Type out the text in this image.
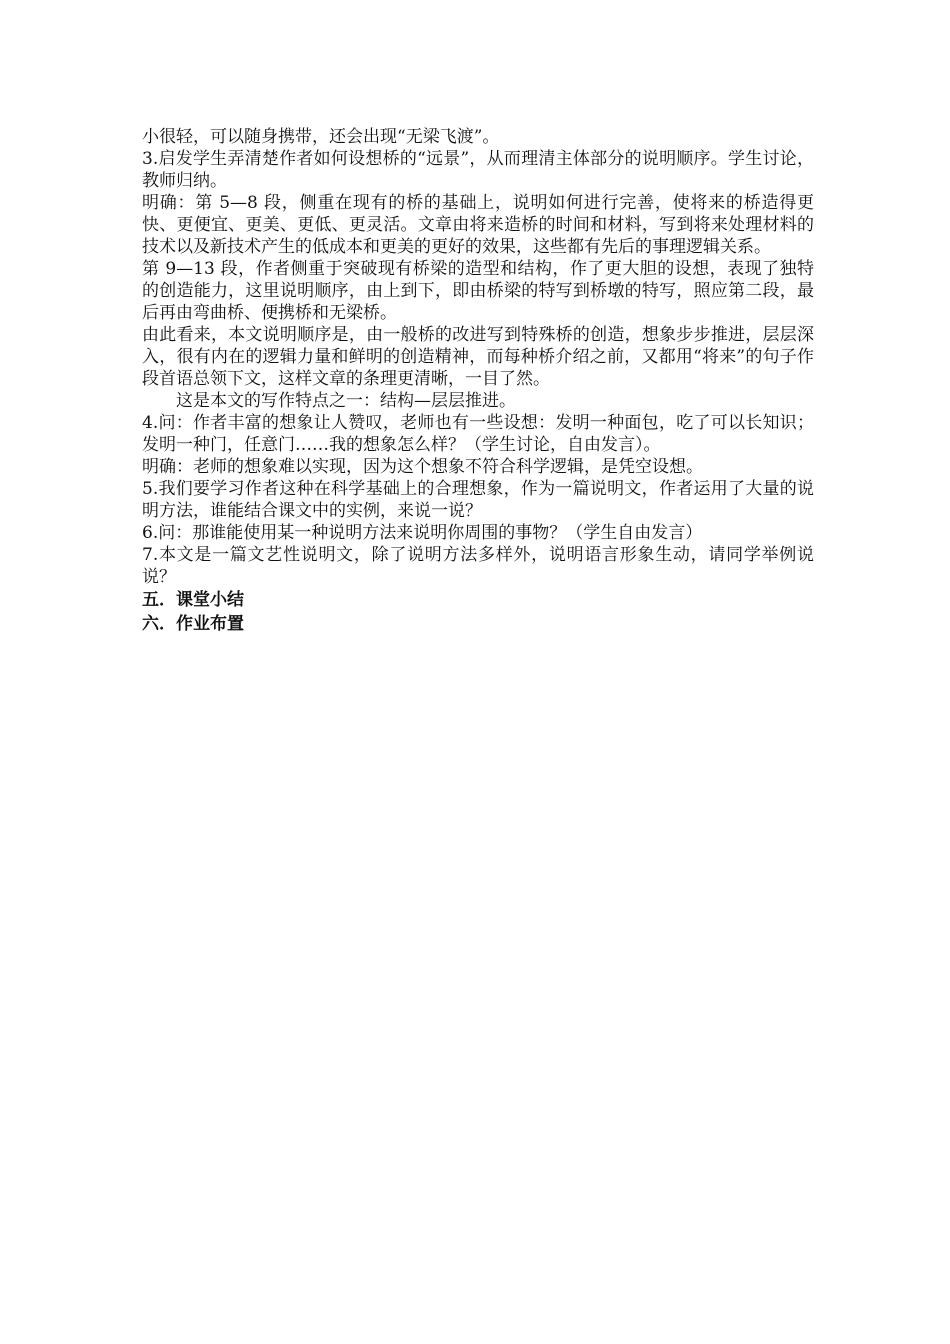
小很轻，可以随身携带，还会出现“无梁飞渡”。

3.启发学生弄清楚作者如何设想桥的“远景”，从而理清主体部分的说明顺序。学生讨论，教师归纳。

明确：第 5—8 段，侧重在现有的桥的基础上，说明如何进行完善，使将来的桥造得更快、更便宜、更美、更低、更灵活。文章由将来造桥的时间和材料，写到将来处理材料的技术以及新技术产生的低成本和更美的更好的效果，这些都有先后的事理逻辑关系。

第 9—13 段，作者侧重于突破现有桥梁的造型和结构，作了更大胆的设想，表现了独特的创造能力，这里说明顺序，由上到下，即由桥梁的特写到桥墩的特写，照应第二段，最后再由弯曲桥、便携桥和无梁桥。

由此看来，本文说明顺序是，由一般桥的改进写到特殊桥的创造，想象步步推进，层层深入，很有内在的逻辑力量和鲜明的创造精神，而每种桥介绍之前，又都用“将来”的句子作段首语总领下文，这样文章的条理更清晰，一目了然。

这是本文的写作特点之一：结构—层层推进。

4.问：作者丰富的想象让人赞叹，老师也有一些设想：发明一种面包，吃了可以长知识；发明一种门，任意门……我的想象怎么样？（学生讨论，自由发言）。

明确：老师的想象难以实现，因为这个想象不符合科学逻辑，是凭空设想。

5.我们要学习作者这种在科学基础上的合理想象，作为一篇说明文，作者运用了大量的说明方法，谁能结合课文中的实例，来说一说？

6.问：那谁能使用某一种说明方法来说明你周围的事物？（学生自由发言）

7.本文是一篇文艺性说明文，除了说明方法多样外，说明语言形象生动，请同学举例说说？

五．课堂小结
六．作业布置
